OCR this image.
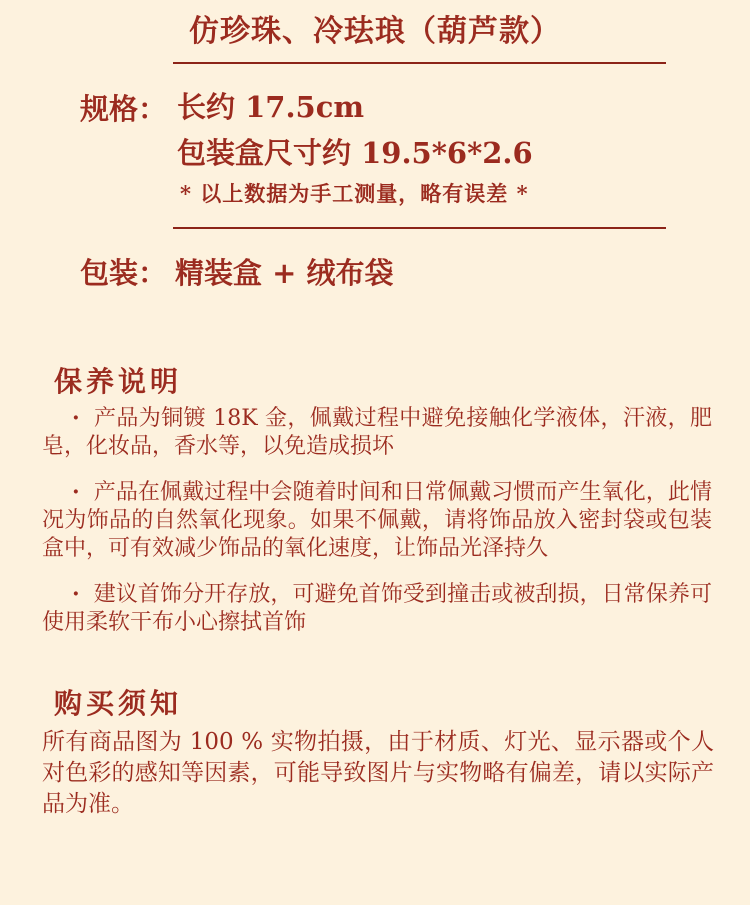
仿珍珠、冷珐琅（葫芦款）
规格： 长约 17.5cm
包装盒尺寸约 19.5*6*2.6
* 以上数据为手工测量，略有误差 *
包装： 精装盒 + 绒布袋
保养说明

· 产品为铜镀 18K 金，佩戴过程中避免接触化学液体，汗液，肥皂，化妆品，香水等，以免造成损坏

· 产品在佩戴过程中会随着时间和日常佩戴习惯而产生氧化，此情况为饰品的自然氧化现象。如果不佩戴，请将饰品放入密封袋或包装盒中，可有效减少饰品的氧化速度，让饰品光泽持久

· 建议首饰分开存放，可避免首饰受到撞击或被刮损，日常保养可使用柔软干布小心擦拭首饰

购买须知
所有商品图为 100 % 实物拍摄，由于材质、灯光、显示器或个人对色彩的感知等因素，可能导致图片与实物略有偏差，请以实际产品为准。
